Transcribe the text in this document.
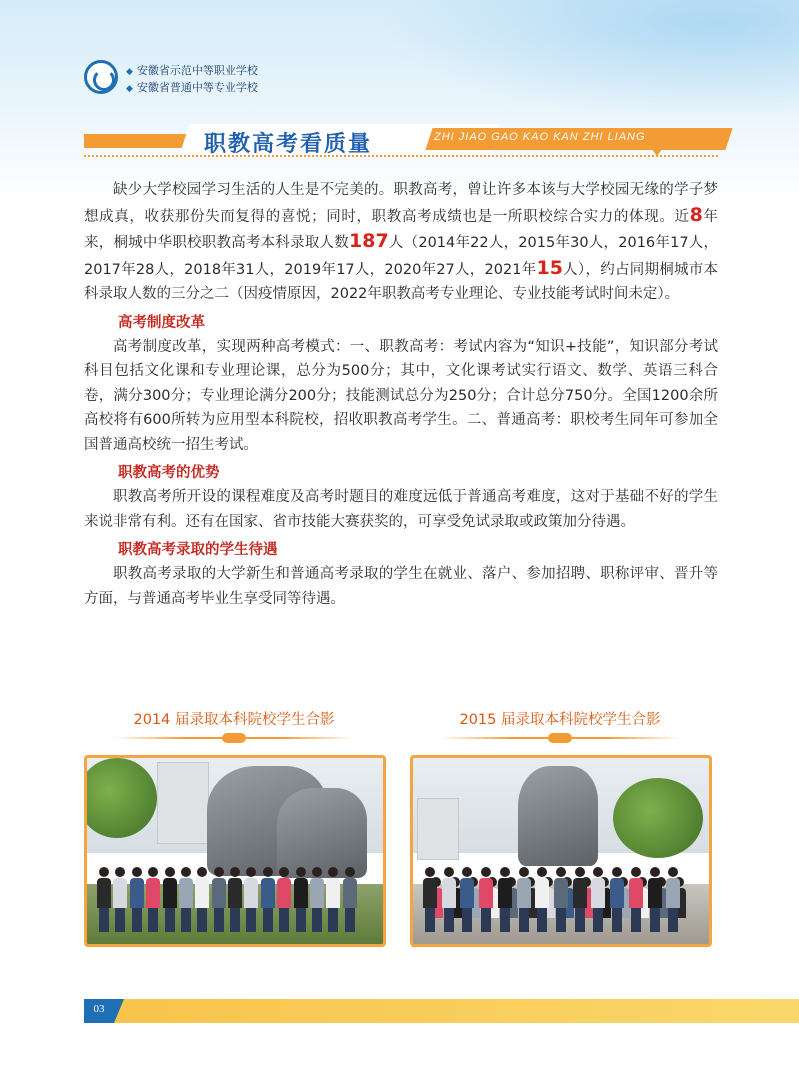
◆ 安徽省示范中等职业学校
◆ 安徽省普通中等专业学校
职教高考看质量	ZHI JIAO GAO KAO KAN ZHI LIANG

缺少大学校园学习生活的人生是不完美的。职教高考，曾让许多本该与大学校园无缘的学子梦想成真，收获那份失而复得的喜悦；同时，职教高考成绩也是一所职校综合实力的体现。近8年来，桐城中华职校职教高考本科录取人数187人（2014年22人，2015年30人，2016年17人，2017年28人，2018年31人，2019年17人，2020年27人，2021年15人），约占同期桐城市本科录取人数的三分之二（因疫情原因，2022年职教高考专业理论、专业技能考试时间未定）。

高考制度改革

高考制度改革，实现两种高考模式：一、职教高考：考试内容为“知识+技能”，知识部分考试科目包括文化课和专业理论课，总分为500分；其中，文化课考试实行语文、数学、英语三科合卷，满分300分；专业理论满分200分；技能测试总分为250分；合计总分750分。全国1200余所高校将有600所转为应用型本科院校，招收职教高考学生。二、普通高考：职校考生同年可参加全国普通高校统一招生考试。

职教高考的优势

职教高考所开设的课程难度及高考时题目的难度远低于普通高考难度，这对于基础不好的学生来说非常有利。还有在国家、省市技能大赛获奖的，可享受免试录取或政策加分待遇。

职教高考录取的学生待遇

职教高考录取的大学新生和普通高考录取的学生在就业、落户、参加招聘、职称评审、晋升等方面，与普通高考毕业生享受同等待遇。

2014 届录取本科院校学生合影	2015 届录取本科院校学生合影
03
